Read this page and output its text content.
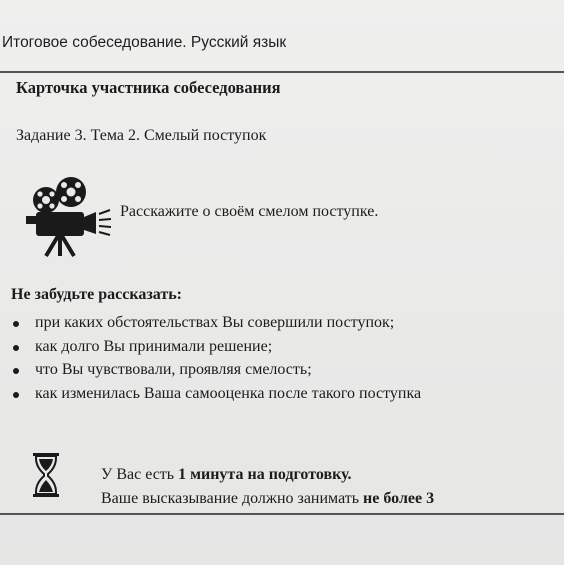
Итоговое собеседование. Русский язык
Карточка участника собеседования
Задание 3. Тема 2. Смелый поступок
Расскажите о своём смелом поступке.
Не забудьте рассказать:
при каких обстоятельствах Вы совершили поступок;
как долго Вы принимали решение;
что Вы чувствовали, проявляя смелость;
как изменилась Ваша самооценка после такого поступка
У Вас есть 1 минута на подготовку.
Ваше высказывание должно занимать не более 3
